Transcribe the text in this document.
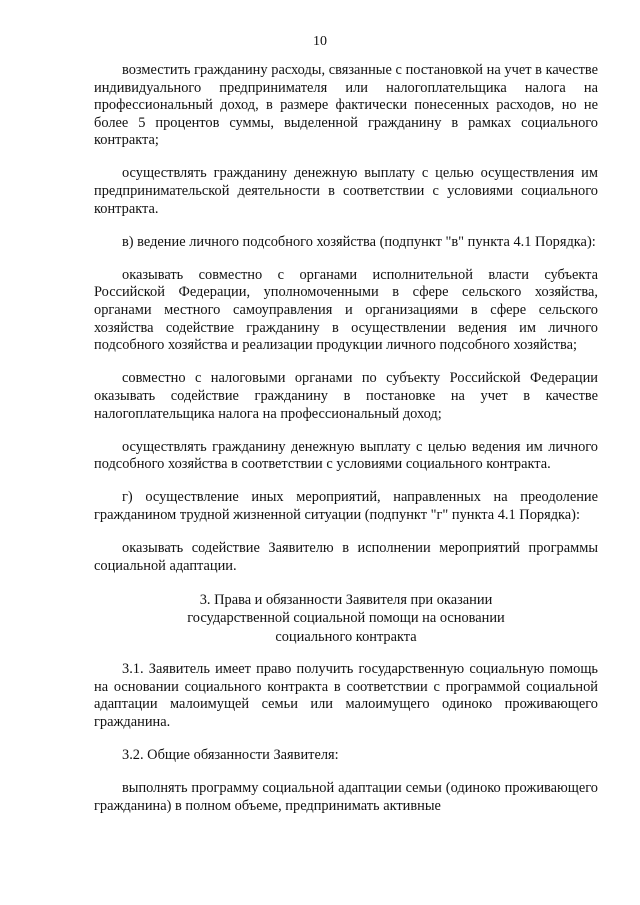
10

возместить гражданину расходы, связанные с постановкой на учет в качестве индивидуального предпринимателя или налогоплательщика налога на профессиональный доход, в размере фактически понесенных расходов, но не более 5 процентов суммы, выделенной гражданину в рамках социального контракта;

осуществлять гражданину денежную выплату с целью осуществления им предпринимательской деятельности в соответствии с условиями социального контракта.

в) ведение личного подсобного хозяйства (подпункт "в" пункта 4.1 Порядка):

оказывать совместно с органами исполнительной власти субъекта Российской Федерации, уполномоченными в сфере сельского хозяйства, органами местного самоуправления и организациями в сфере сельского хозяйства содействие гражданину в осуществлении ведения им личного подсобного хозяйства и реализации продукции личного подсобного хозяйства;

совместно с налоговыми органами по субъекту Российской Федерации оказывать содействие гражданину в постановке на учет в качестве налогоплательщика налога на профессиональный доход;

осуществлять гражданину денежную выплату с целью ведения им личного подсобного хозяйства в соответствии с условиями социального контракта.

г) осуществление иных мероприятий, направленных на преодоление гражданином трудной жизненной ситуации (подпункт "г" пункта 4.1 Порядка):

оказывать содействие Заявителю в исполнении мероприятий программы социальной адаптации.

3. Права и обязанности Заявителя при оказании
государственной социальной помощи на основании
социального контракта

3.1. Заявитель имеет право получить государственную социальную помощь на основании социального контракта в соответствии с программой социальной адаптации малоимущей семьи или малоимущего одиноко проживающего гражданина.

3.2. Общие обязанности Заявителя:

выполнять программу социальной адаптации семьи (одиноко проживающего гражданина) в полном объеме, предпринимать активные
